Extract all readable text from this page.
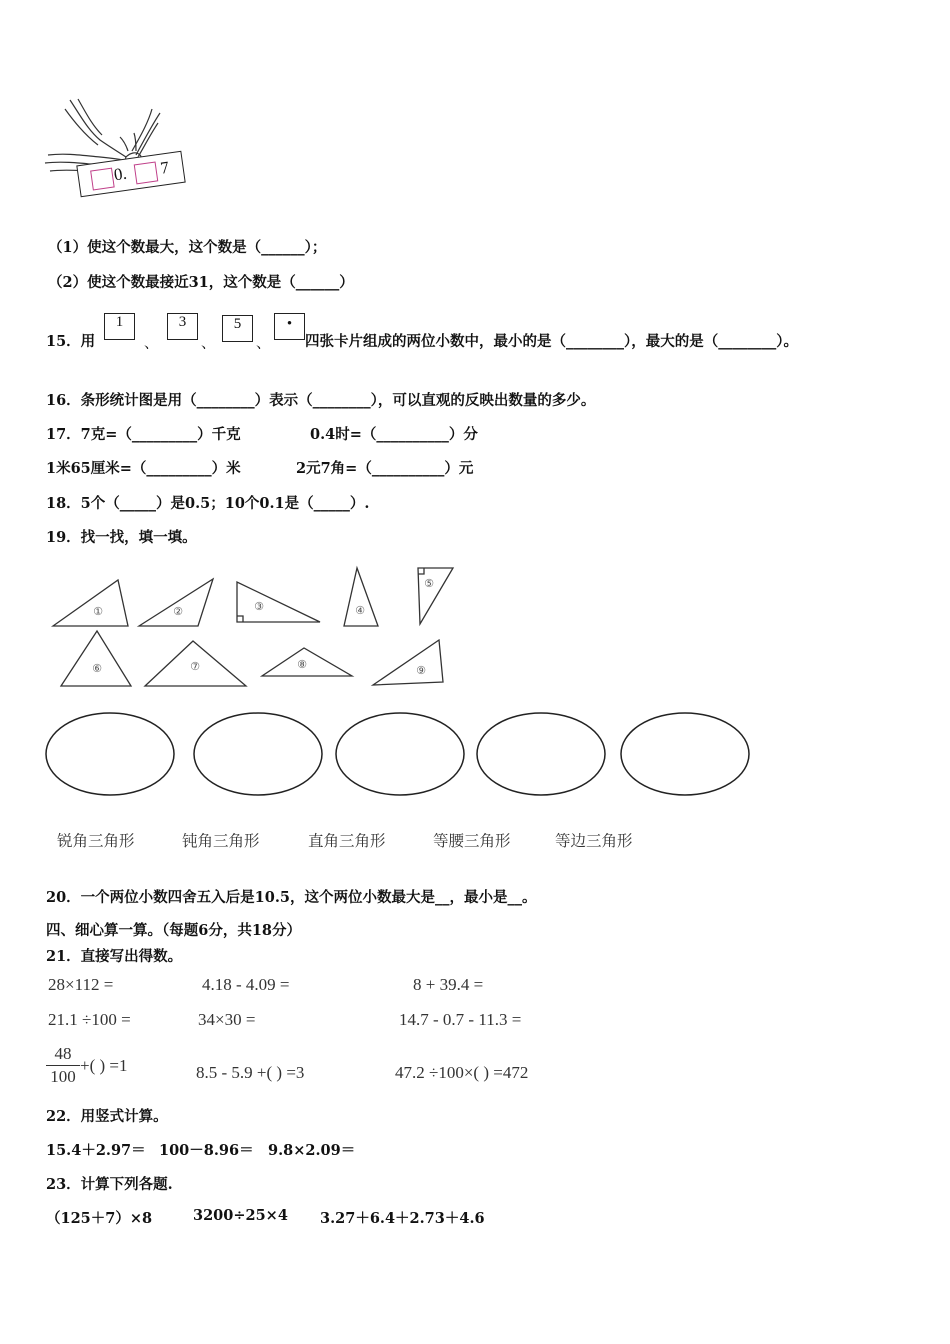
0. 7
（1）使这个数最大，这个数是（______）；
（2）使这个数最接近31，这个数是（______）
15．用
1
、
3
、
5
、
•
四张卡片组成的两位小数中，最小的是（________），最大的是（________）。
16．条形统计图是用（________）表示（________），可以直观的反映出数量的多少。
17．7克=（_________）千克	0.4时=（__________）分
1米65厘米=（_________）米	2元7角=（__________）元
18．5个（_____）是0.5；10个0.1是（_____）.
19．找一找，填一填。
①	②	③	④
⑤
⑥	⑦	⑧	⑨
锐角三角形	钝角三角形	直角三角形	等腰三角形	等边三角形
20．一个两位小数四舍五入后是10.5，这个两位小数最大是__，最小是__。
四、细心算一算。（每题6分，共18分）
21．直接写出得数。
28×112 =	4.18 - 4.09 =	8 + 39.4 =
21.1 ÷100 =	34×30 =	14.7 - 0.7 - 11.3 =
48
100
+( ) =1	8.5 - 5.9 +( ) =3	47.2 ÷100×( ) =472
22．用竖式计算。
15.4＋2.97＝ 100－8.96＝ 9.8×2.09＝
23．计算下列各题.
（125＋7）×8	3200÷25×4 3.27＋6.4＋2.73＋4.6
